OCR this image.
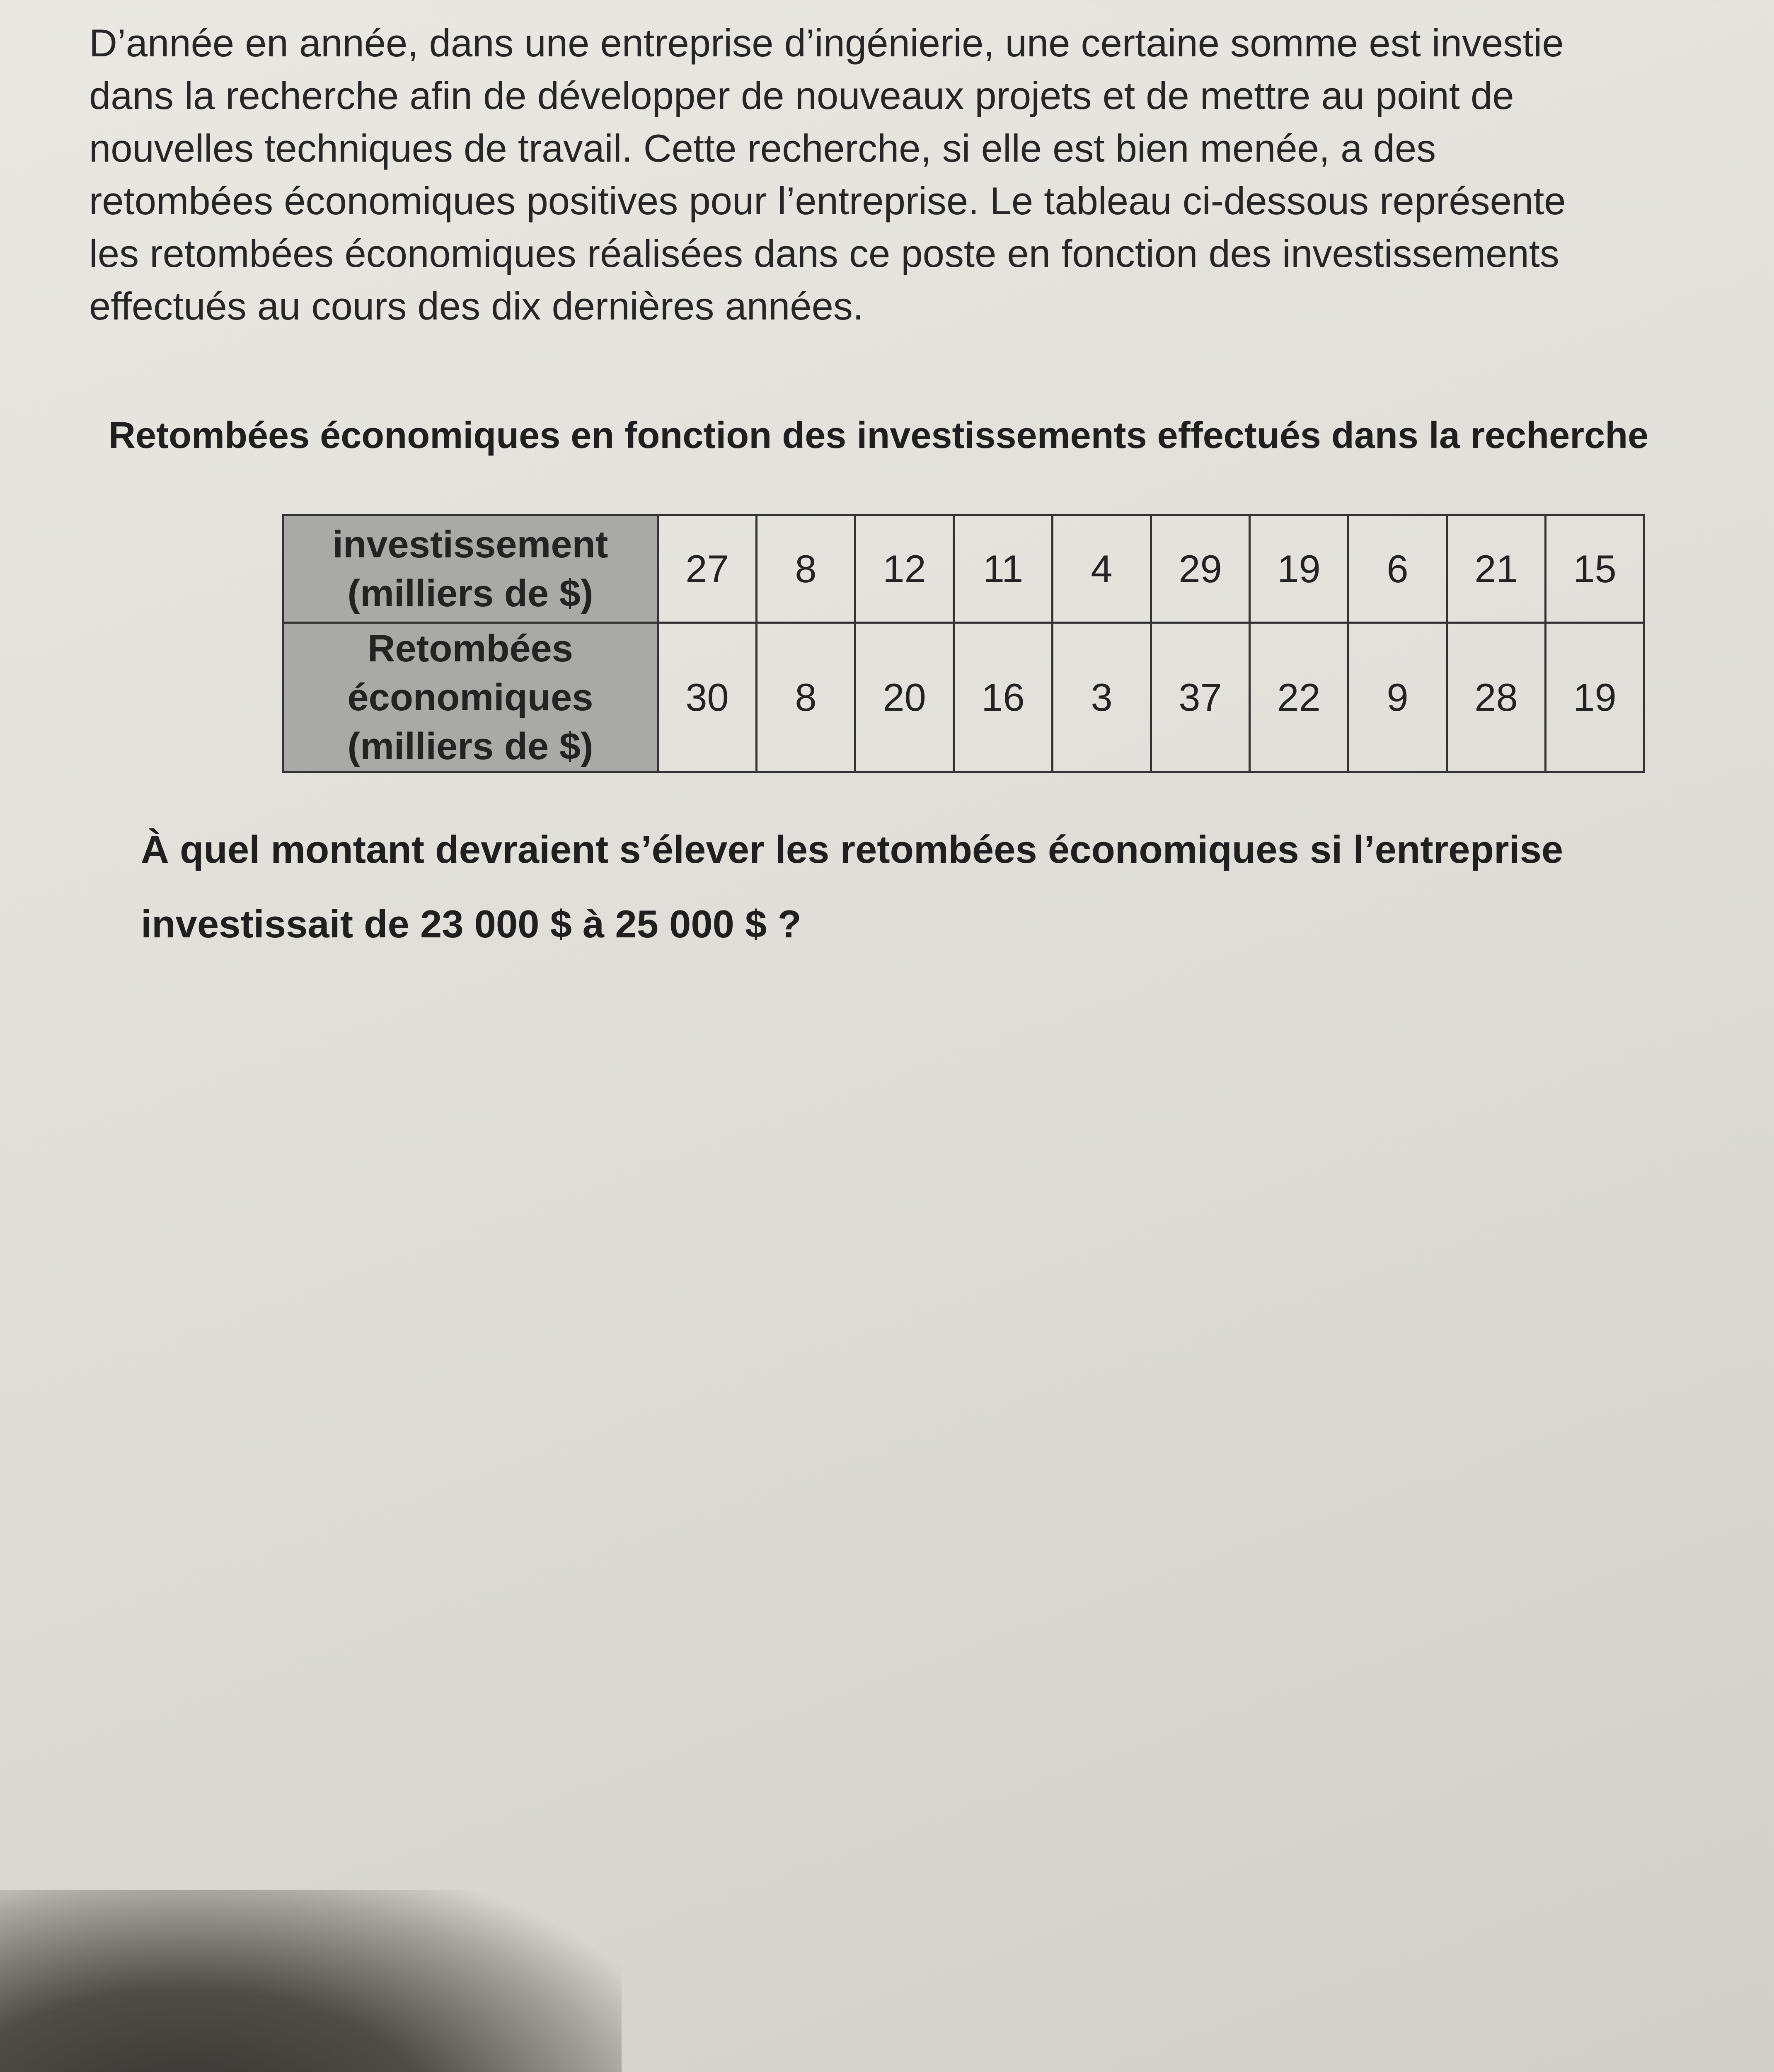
D’année en année, dans une entreprise d’ingénierie, une certaine somme est investie dans la recherche afin de développer de nouveaux projets et de mettre au point de nouvelles techniques de travail. Cette recherche, si elle est bien menée, a des retombées économiques positives pour l’entreprise. Le tableau ci-dessous représente les retombées économiques réalisées dans ce poste en fonction des investissements effectués au cours des dix dernières années.

Retombées économiques en fonction des investissements effectués dans la recherche

investissement (milliers de $)	27	8	12	11	4	29	19	6	21	15
Retombées économiques (milliers de $)	30	8	20	16	3	37	22	9	28	19

À quel montant devraient s’élever les retombées économiques si l’entreprise
investissait de 23 000 $ à 25 000 $ ?
